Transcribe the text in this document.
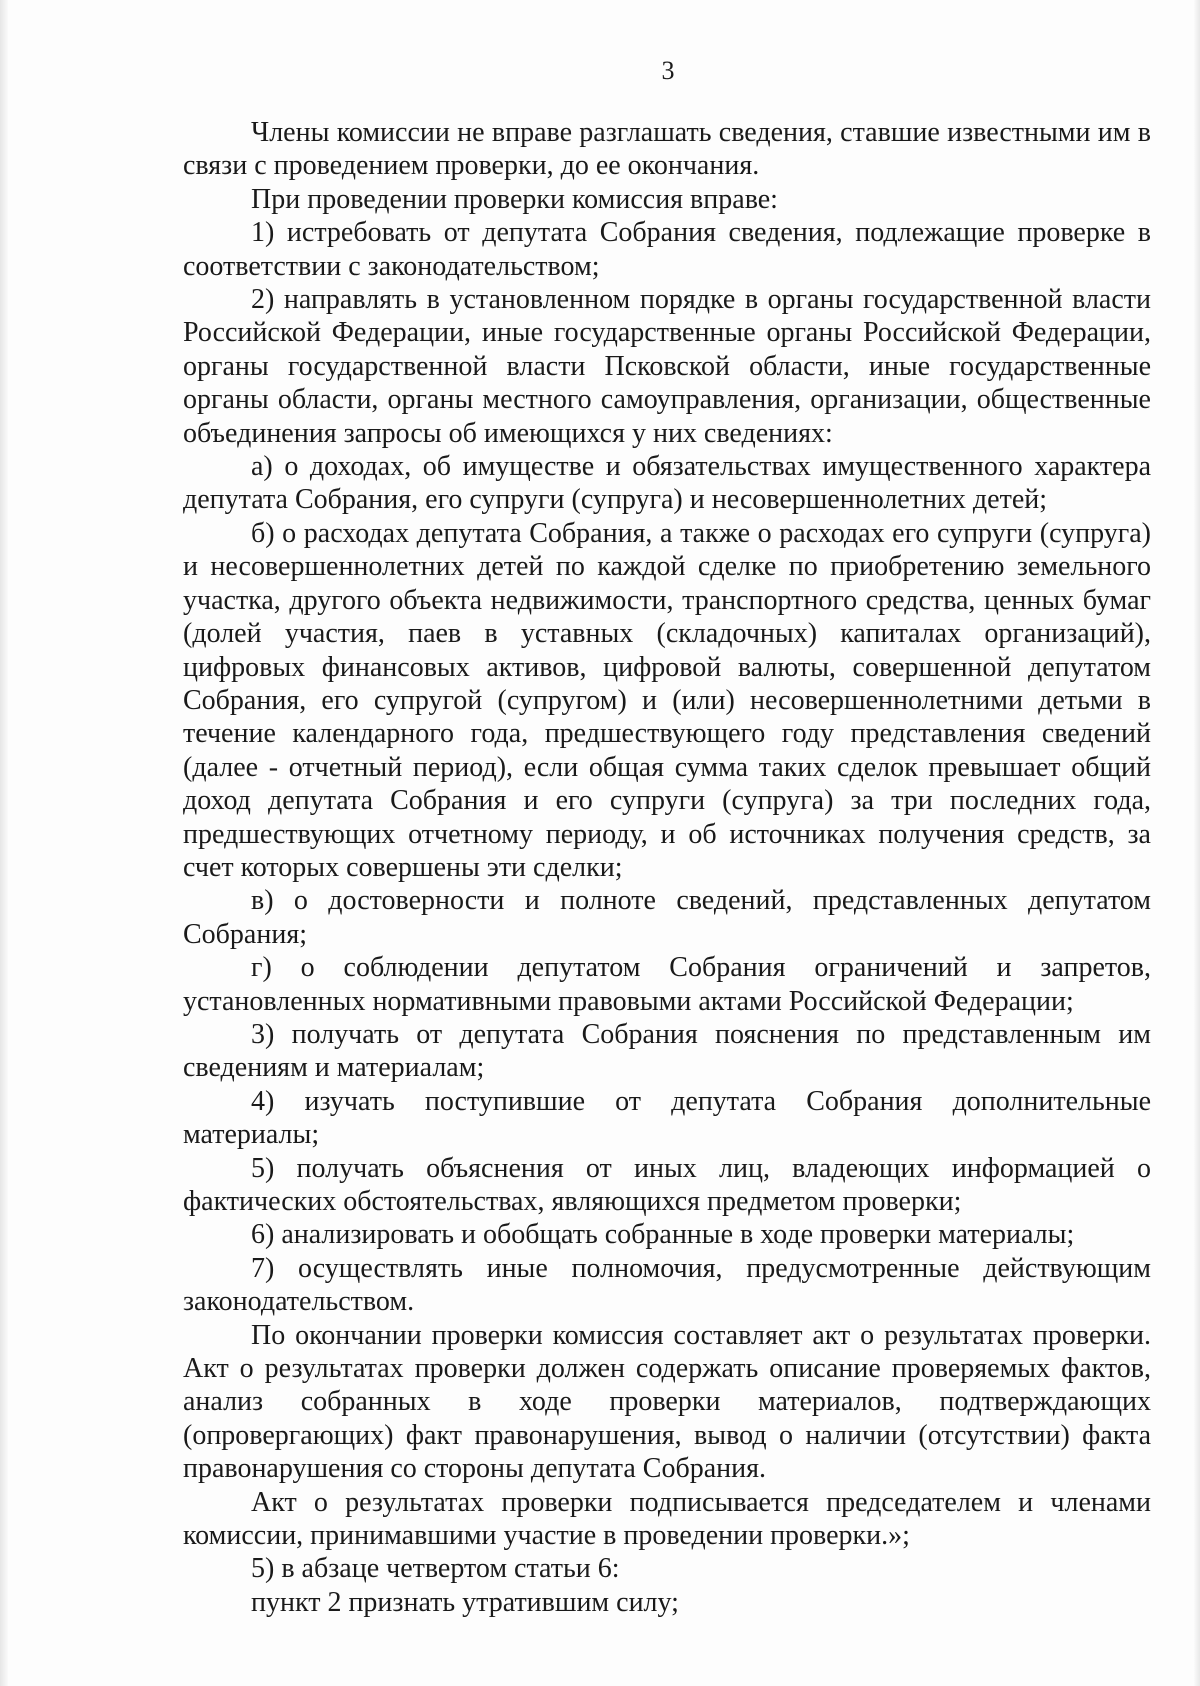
3

Члены комиссии не вправе разглашать сведения, ставшие известными им в связи с проведением проверки, до ее окончания.

При проведении проверки комиссия вправе:

1) истребовать от депутата Собрания сведения, подлежащие проверке в соответствии с законодательством;

2) направлять в установленном порядке в органы государственной власти Российской Федерации, иные государственные органы Российской Федерации, органы государственной власти Псковской области, иные государственные органы области, органы местного самоуправления, организации, общественные объединения запросы об имеющихся у них сведениях:

а) о доходах, об имуществе и обязательствах имущественного характера депутата Собрания, его супруги (супруга) и несовершеннолетних детей;

б) о расходах депутата Собрания, а также о расходах его супруги (супруга) и несовершеннолетних детей по каждой сделке по приобретению земельного участка, другого объекта недвижимости, транспортного средства, ценных бумаг (долей участия, паев в уставных (складочных) капиталах организаций), цифровых финансовых активов, цифровой валюты, совершенной депутатом Собрания, его супругой (супругом) и (или) несовершеннолетними детьми в течение календарного года, предшествующего году представления сведений (далее - отчетный период), если общая сумма таких сделок превышает общий доход депутата Собрания и его супруги (супруга) за три последних года, предшествующих отчетному периоду, и об источниках получения средств, за счет которых совершены эти сделки;

в) о достоверности и полноте сведений, представленных депутатом Собрания;

г) о соблюдении депутатом Собрания ограничений и запретов, установленных нормативными правовыми актами Российской Федерации;

3) получать от депутата Собрания пояснения по представленным им сведениям и материалам;

4) изучать поступившие от депутата Собрания дополнительные материалы;

5) получать объяснения от иных лиц, владеющих информацией о фактических обстоятельствах, являющихся предметом проверки;

6) анализировать и обобщать собранные в ходе проверки материалы;

7) осуществлять иные полномочия, предусмотренные действующим законодательством.

По окончании проверки комиссия составляет акт о результатах проверки. Акт о результатах проверки должен содержать описание проверяемых фактов, анализ собранных в ходе проверки материалов, подтверждающих (опровергающих) факт правонарушения, вывод о наличии (отсутствии) факта правонарушения со стороны депутата Собрания.

Акт о результатах проверки подписывается председателем и членами комиссии, принимавшими участие в проведении проверки.»;

5) в абзаце четвертом статьи 6:

пункт 2 признать утратившим силу;
